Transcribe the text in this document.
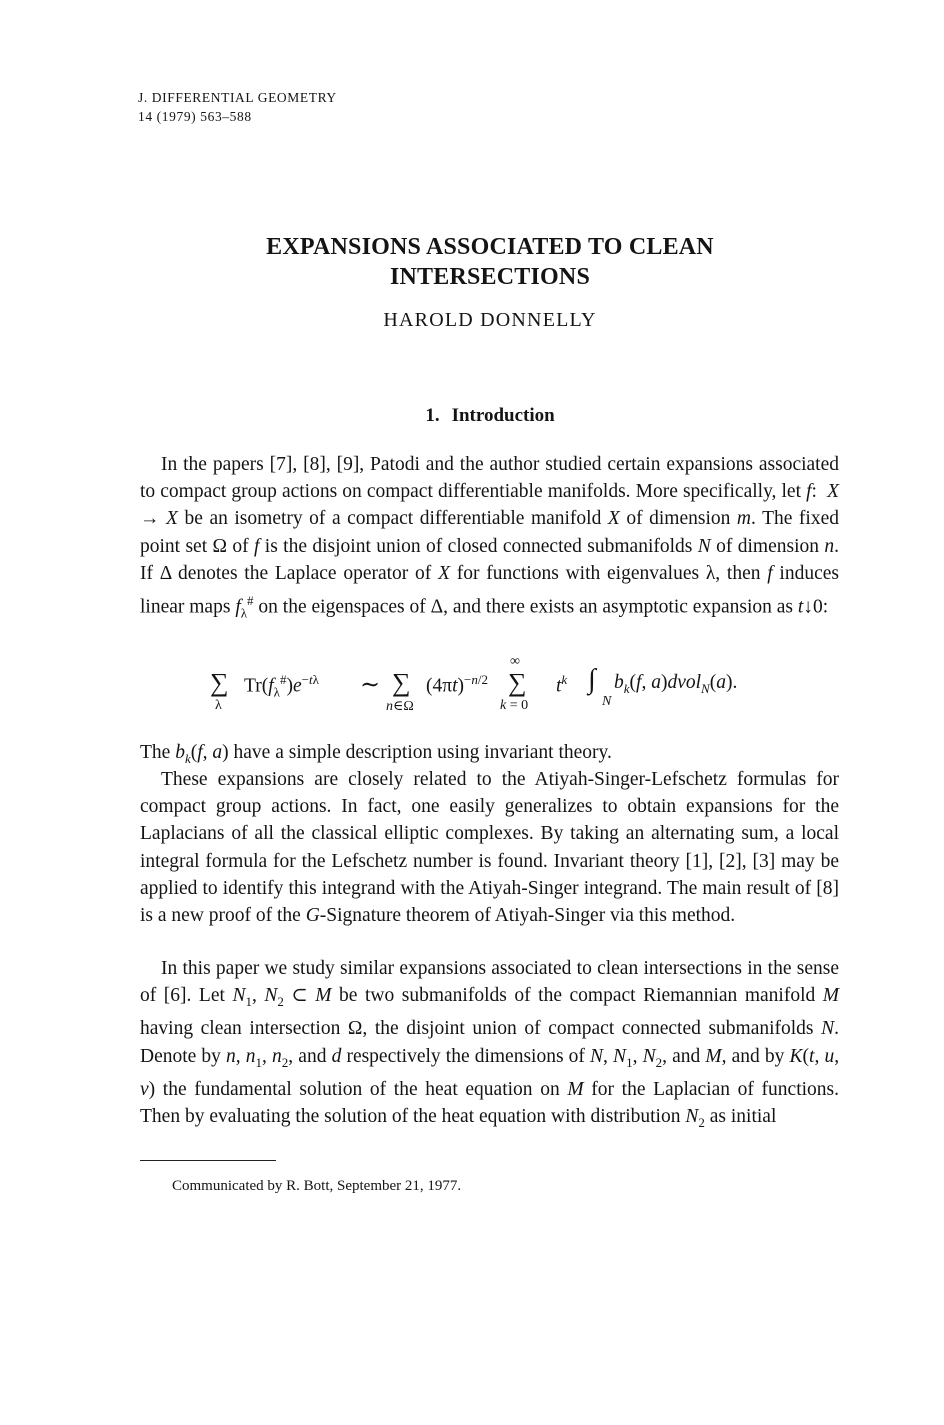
J. DIFFERENTIAL GEOMETRY
14 (1979) 563–588
EXPANSIONS ASSOCIATED TO CLEAN
INTERSECTIONS
HAROLD DONNELLY
1. Introduction

In the papers [7], [8], [9], Patodi and the author studied certain expansions associated to compact group actions on compact differentiable manifolds. More specifically, let f:  X → X be an isometry of a compact differentiable manifold X of dimension m. The fixed point set Ω of f is the disjoint union of closed connected submanifolds N of dimension n. If Δ denotes the Laplace operator of X for functions with eigenvalues λ, then f induces linear maps $f_\lambda^{\#}$ on the eigenspaces of Δ, and there exists an asymptotic expansion as t↓0:

∑
λ
$Tr(f_\lambda^{\#})e^{-t\lambda}$ ∼ ∑
n∈Ω
$(4\pi t)^{-n/2}$
∞
∑
k = 0
$t^k$ ∫
N
$b_k(f$, a)dvol$_N$(a).

The $b_k(f$, a) have a simple description using invariant theory.

These expansions are closely related to the Atiyah-Singer-Lefschetz formulas for compact group actions. In fact, one easily generalizes to obtain expansions for the Laplacians of all the classical elliptic complexes. By taking an alternating sum, a local integral formula for the Lefschetz number is found. Invariant theory [1], [2], [3] may be applied to identify this integrand with the Atiyah-Singer integrand. The main result of [8] is a new proof of the G-Signature theorem of Atiyah-Singer via this method.

In this paper we study similar expansions associated to clean intersections in the sense of [6]. Let $N_1$, $N_2$ ⊂ M be two submanifolds of the compact Riemannian manifold M having clean intersection Ω, the disjoint union of compact connected submanifolds N. Denote by n, $n_1$, $n_2$, and d respectively the dimensions of N, $N_1$, $N_2$, and M, and by K(t, u, v) the fundamental solution of the heat equation on M for the Laplacian of functions. Then by evaluating the solution of the heat equation with distribution $N_2$ as initial

Communicated by R. Bott, September 21, 1977.
